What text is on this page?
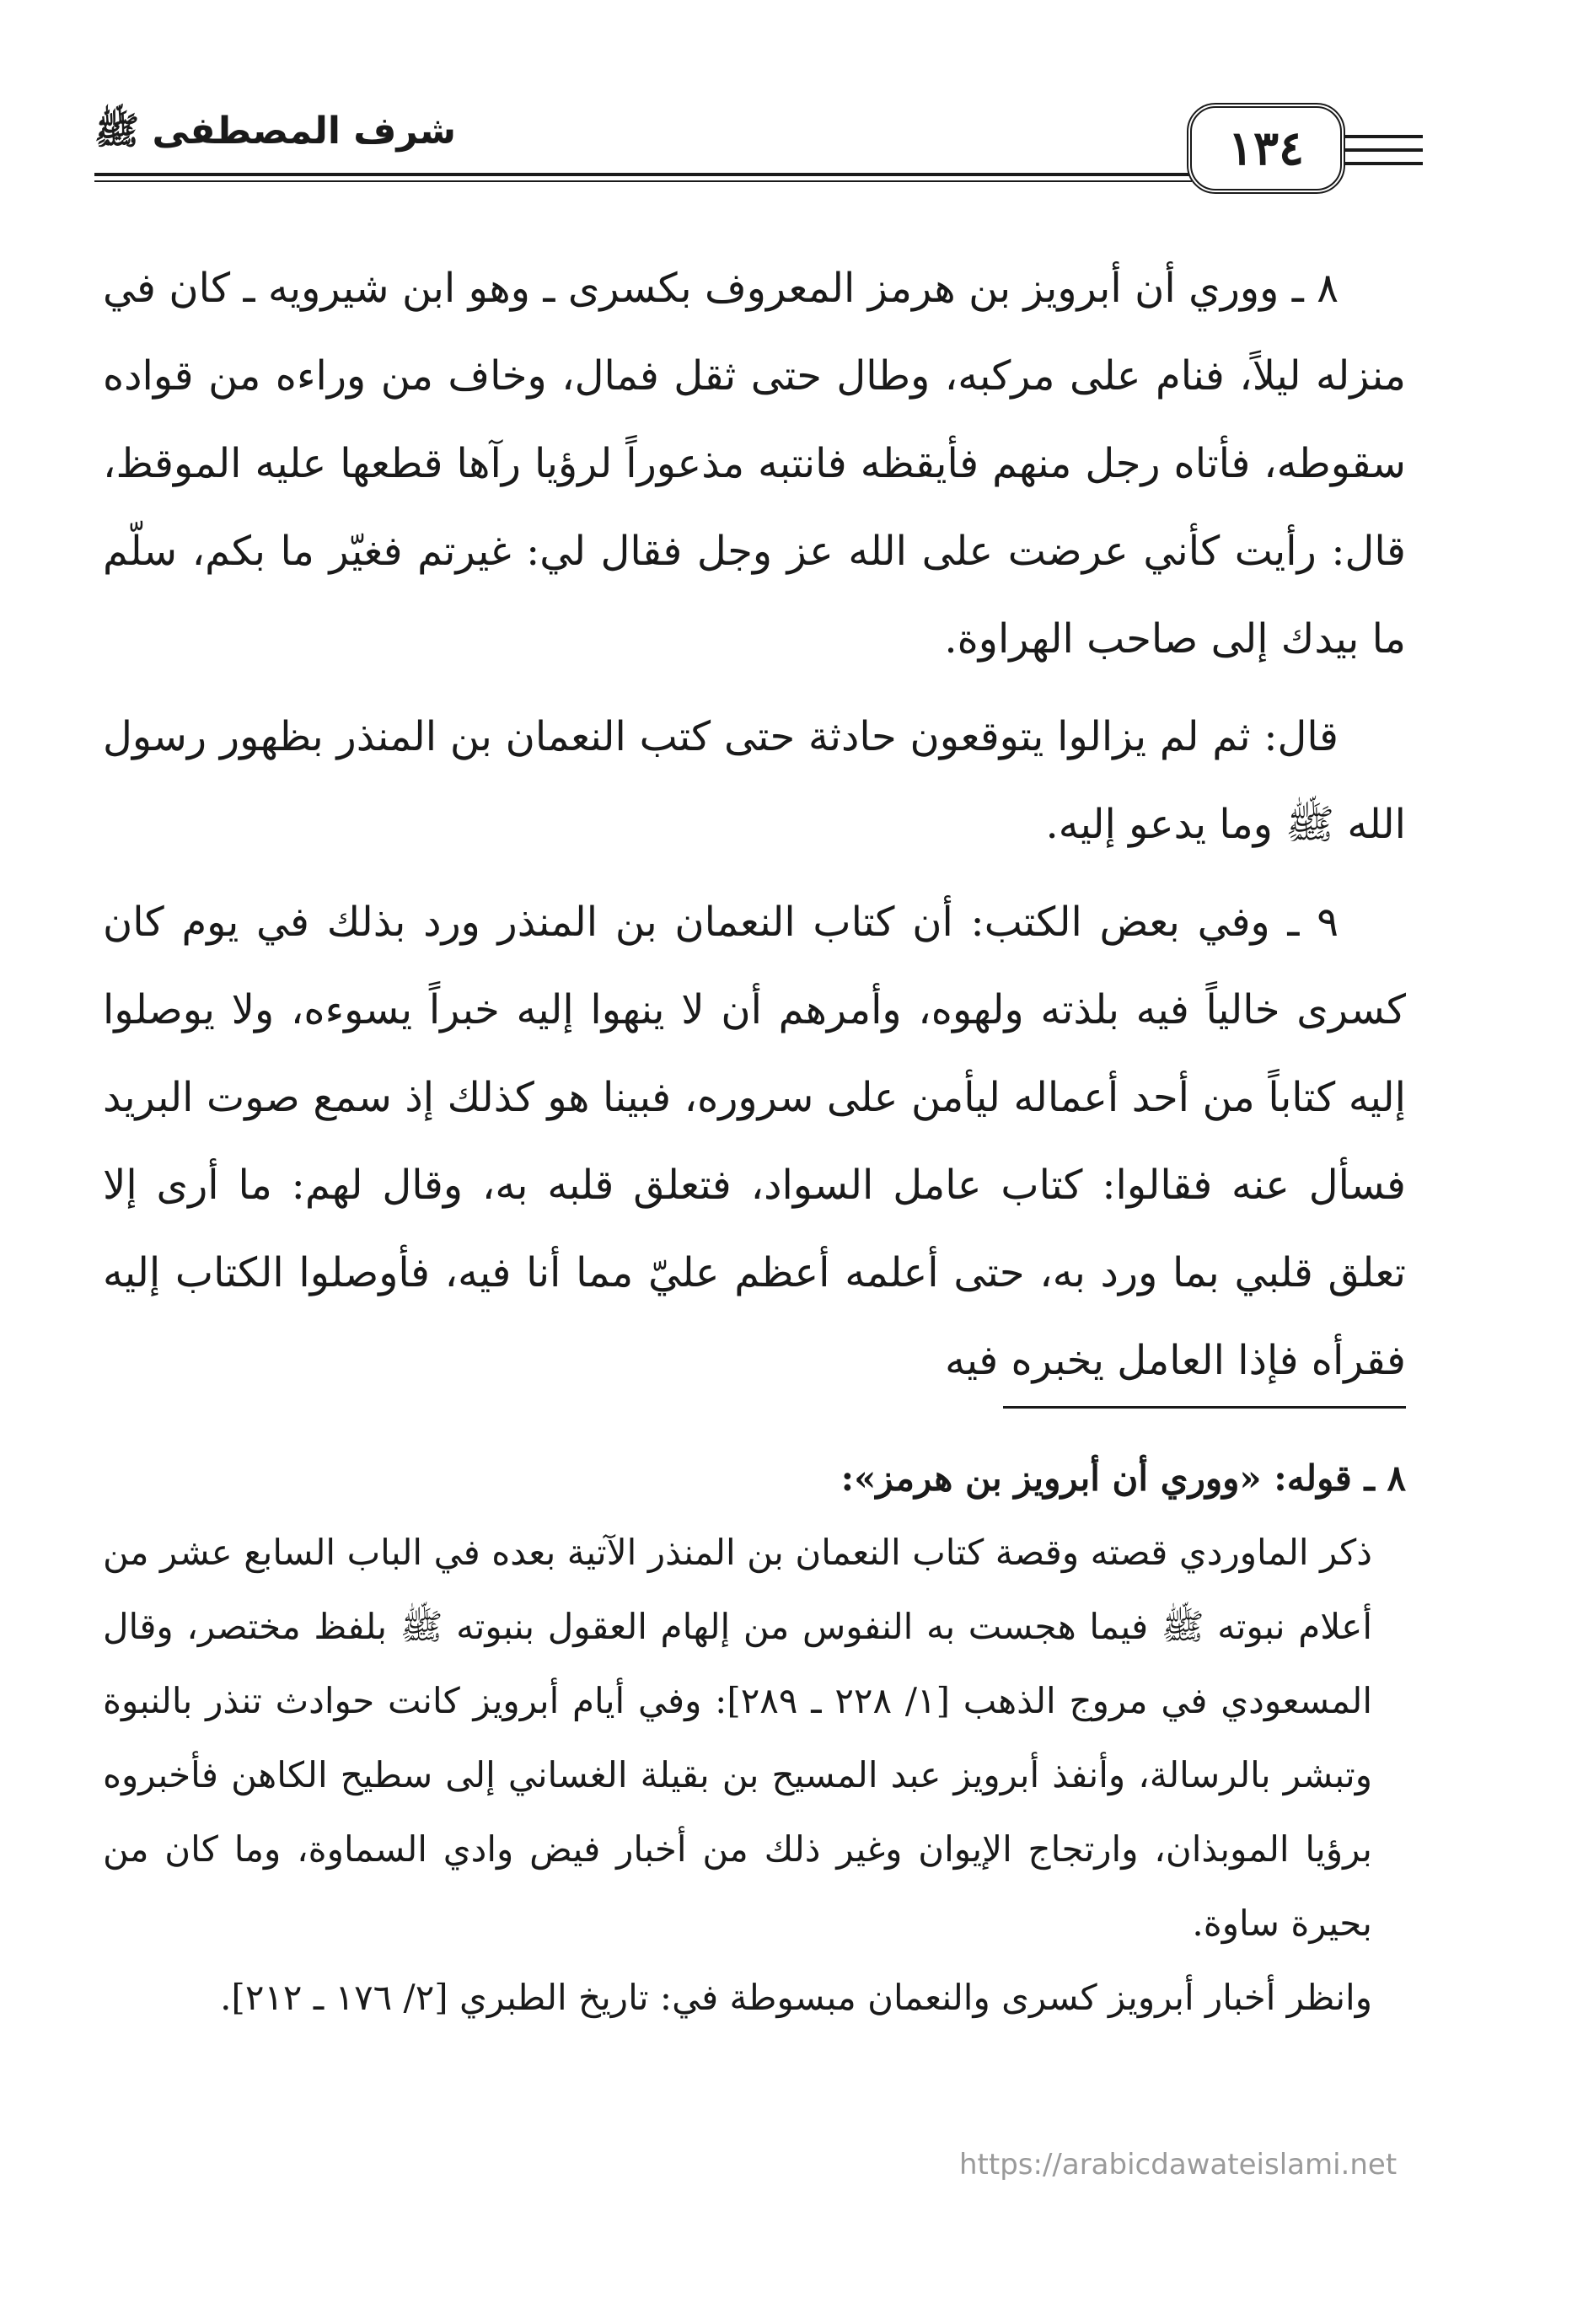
شرف المصطفى ﷺ	١٣٤

٨ ـ ووري أن أبرويز بن هرمز المعروف بكسرى ـ وهو ابن شيرويه ـ كان في منزله ليلاً، فنام على مركبه، وطال حتى ثقل فمال، وخاف من وراءه من قواده سقوطه، فأتاه رجل منهم فأيقظه فانتبه مذعوراً لرؤيا رآها قطعها عليه الموقظ، قال: رأيت كأني عرضت على الله عز وجل فقال لي: غيرتم فغيّر ما بكم، سلّم ما بيدك إلى صاحب الهراوة.

قال: ثم لم يزالوا يتوقعون حادثة حتى كتب النعمان بن المنذر بظهور رسول الله ﷺ وما يدعو إليه.

٩ ـ وفي بعض الكتب: أن كتاب النعمان بن المنذر ورد بذلك في يوم كان كسرى خالياً فيه بلذته ولهوه، وأمرهم أن لا ينهوا إليه خبراً يسوءه، ولا يوصلوا إليه كتاباً من أحد أعماله ليأمن على سروره، فبينا هو كذلك إذ سمع صوت البريد فسأل عنه فقالوا: كتاب عامل السواد، فتعلق قلبه به، وقال لهم: ما أرى إلا تعلق قلبي بما ورد به، حتى أعلمه أعظم عليّ مما أنا فيه، فأوصلوا الكتاب إليه فقرأه فإذا العامل يخبره فيه

٨ ـ قوله: «ووري أن أبرويز بن هرمز»:

ذكر الماوردي قصته وقصة كتاب النعمان بن المنذر الآتية بعده في الباب السابع عشر من أعلام نبوته ﷺ فيما هجست به النفوس من إلهام العقول بنبوته ﷺ بلفظ مختصر، وقال المسعودي في مروج الذهب [١/ ٢٢٨ ـ ٢٨٩]: وفي أيام أبرويز كانت حوادث تنذر بالنبوة وتبشر بالرسالة، وأنفذ أبرويز عبد المسيح بن بقيلة الغساني إلى سطيح الكاهن فأخبروه برؤيا الموبذان، وارتجاج الإيوان وغير ذلك من أخبار فيض وادي السماوة، وما كان من بحيرة ساوة.

وانظر أخبار أبرويز كسرى والنعمان مبسوطة في: تاريخ الطبري [٢/ ١٧٦ ـ ٢١٢].

https://arabicdawateislami.net
